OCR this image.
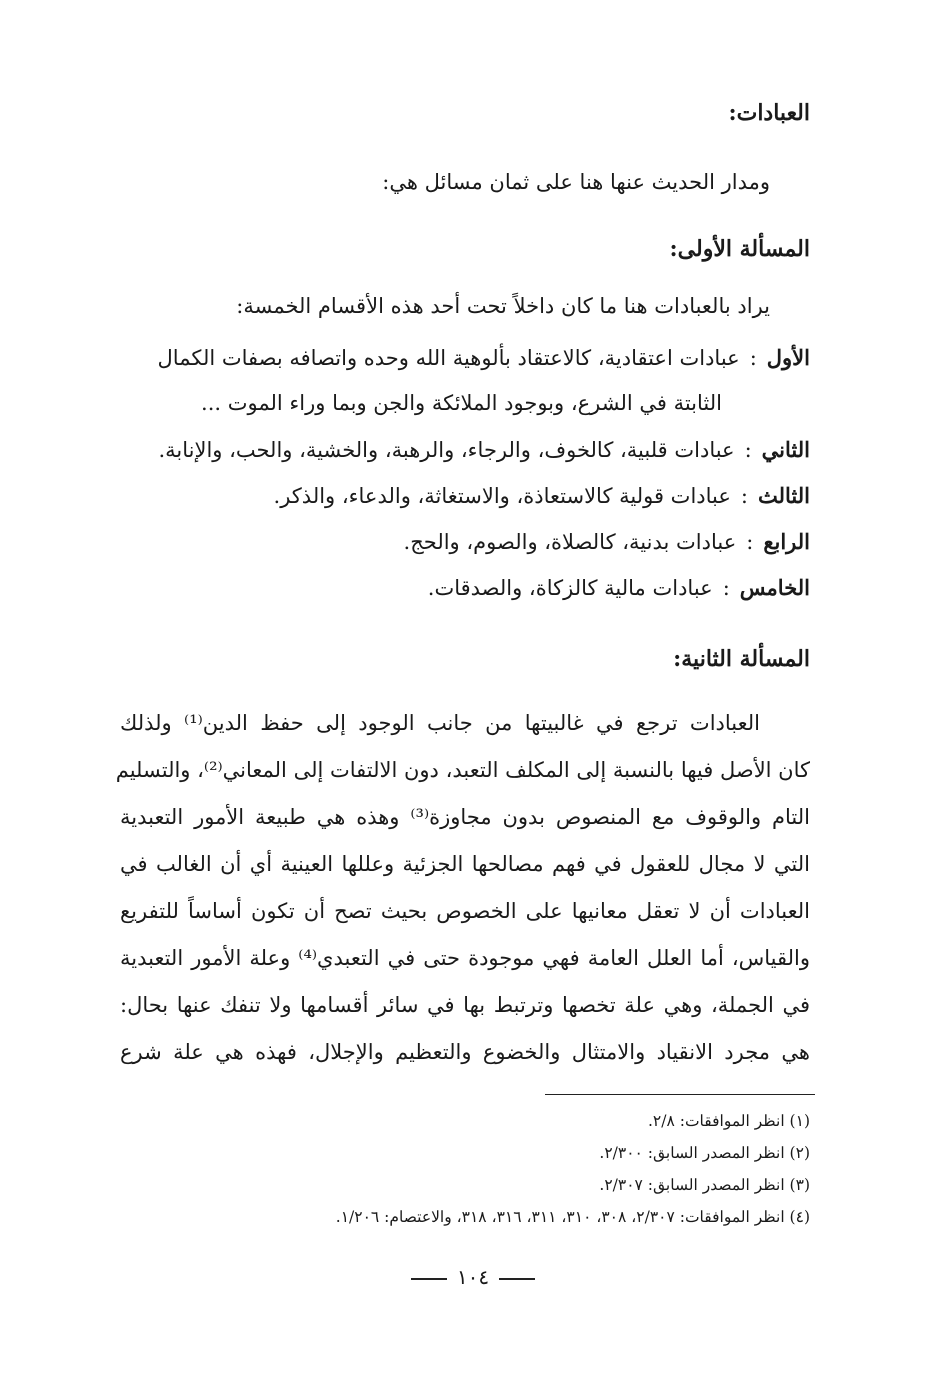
العبادات:
ومدار الحديث عنها هنا على ثمان مسائل هي:
المسألة الأولى:
يراد بالعبادات هنا ما كان داخلاً تحت أحد هذه الأقسام الخمسة:
الأول
:
عبادات اعتقادية، كالاعتقاد بألوهية الله وحده واتصافه بصفات الكمال
الثابتة في الشرع، وبوجود الملائكة والجن وبما وراء الموت ...
الثاني
:
عبادات قلبية، كالخوف، والرجاء، والرهبة، والخشية، والحب، والإنابة.
الثالث
:
عبادات قولية كالاستعاذة، والاستغاثة، والدعاء، والذكر.
الرابع
:
عبادات بدنية، كالصلاة، والصوم، والحج.
الخامس
:
عبادات مالية كالزكاة، والصدقات.
المسألة الثانية:
العبادات ترجع في غالبيتها من جانب الوجود إلى حفظ الدين⁽¹⁾ ولذلك
كان الأصل فيها بالنسبة إلى المكلف التعبد، دون الالتفات إلى المعاني⁽²⁾، والتسليم
التام والوقوف مع المنصوص بدون مجاوزة⁽³⁾ وهذه هي طبيعة الأمور التعبدية
التي لا مجال للعقول في فهم مصالحها الجزئية وعللها العينية أي أن الغالب في
العبادات أن لا تعقل معانيها على الخصوص بحيث تصح أن تكون أساساً للتفريع
والقياس، أما العلل العامة فهي موجودة حتى في التعبدي⁽⁴⁾ وعلة الأمور التعبدية
في الجملة، وهي علة تخصها وترتبط بها في سائر أقسامها ولا تنفك عنها بحال:
هي مجرد الانقياد والامتثال والخضوع والتعظيم والإجلال، فهذه هي علة شرع
(١) انظر الموافقات: ٢/٨.
(٢) انظر المصدر السابق: ٢/٣٠٠.
(٣) انظر المصدر السابق: ٢/٣٠٧.
(٤) انظر الموافقات: ٢/٣٠٧، ٣٠٨، ٣١٠، ٣١١، ٣١٦، ٣١٨، والاعتصام: ١/٢٠٦.
١٠٤
